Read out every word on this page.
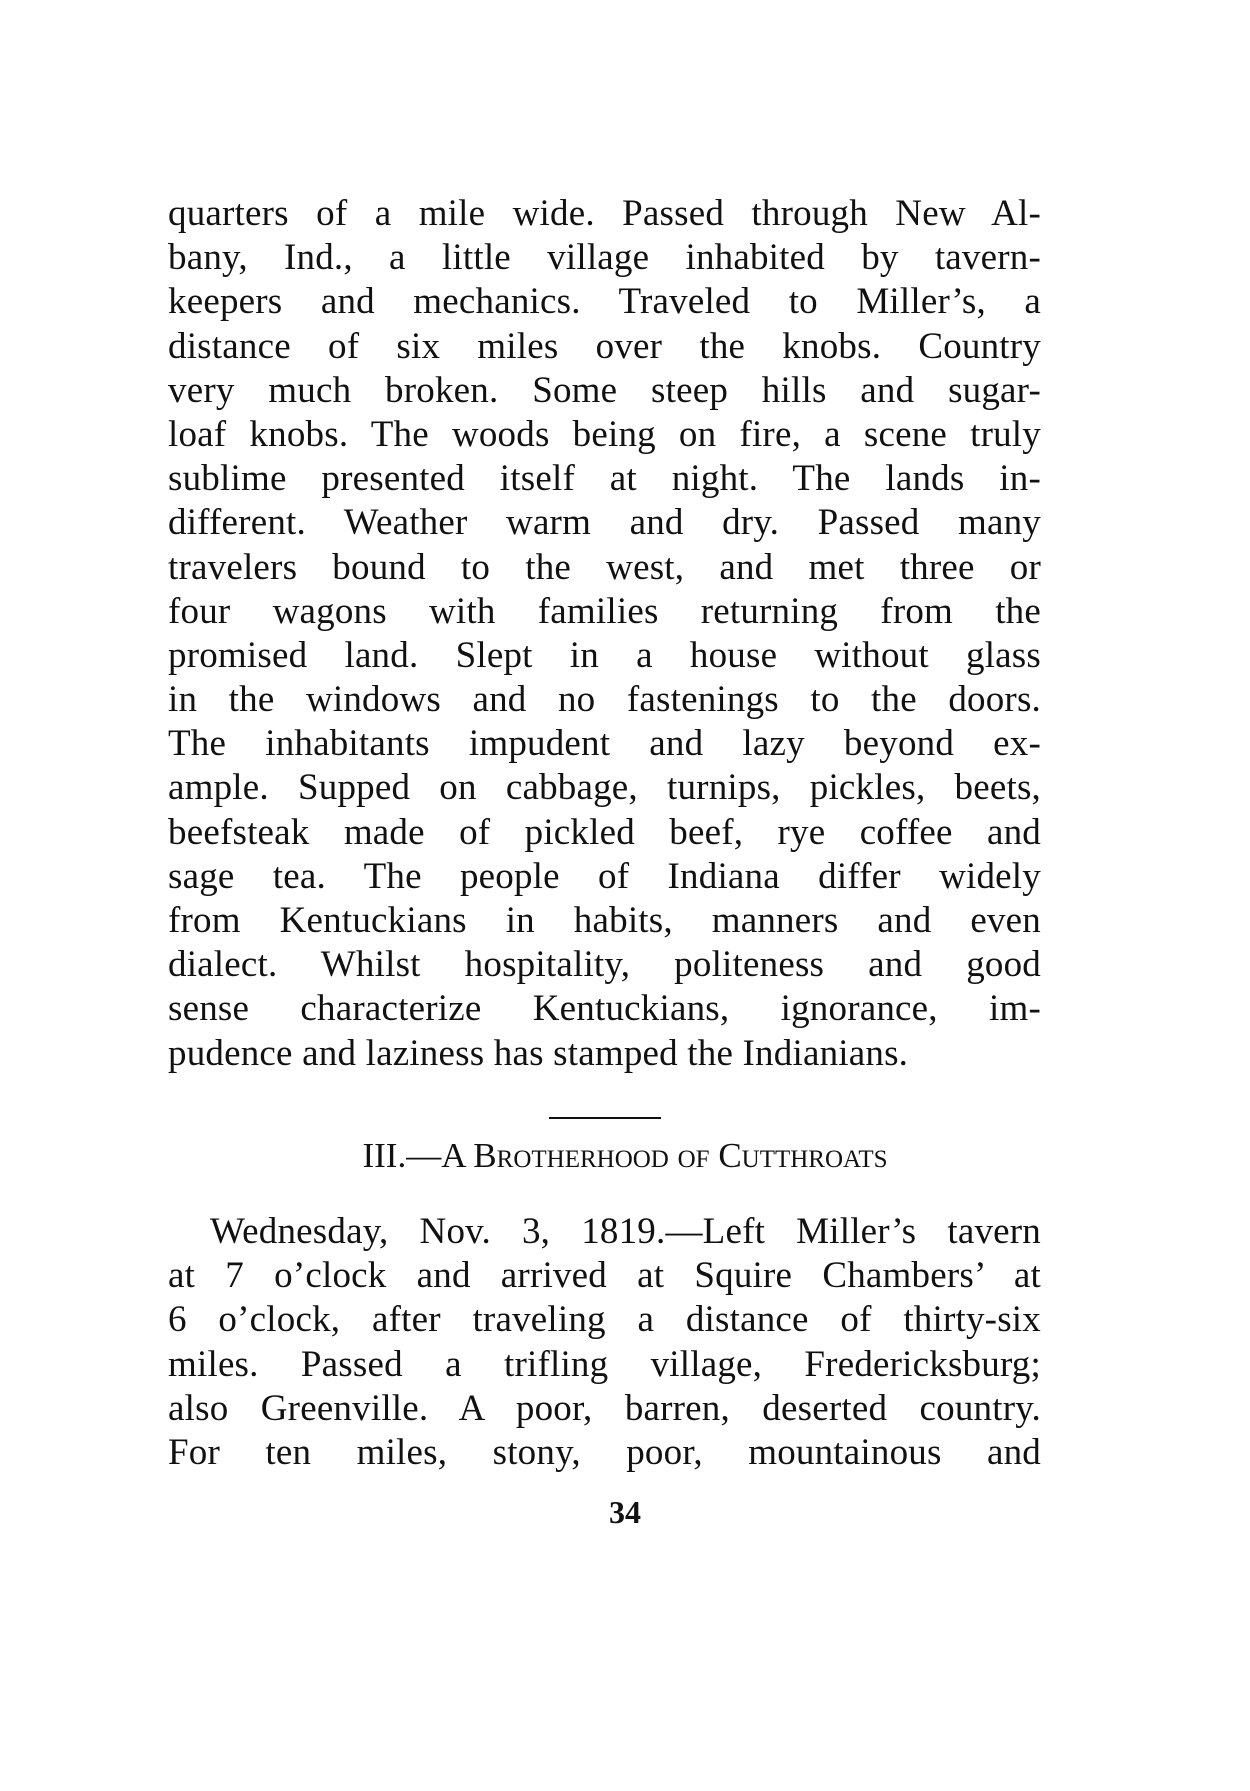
quarters of a mile wide. Passed through New Al-
bany, Ind., a little village inhabited by tavern-
keepers and mechanics. Traveled to Miller’s, a
distance of six miles over the knobs. Country
very much broken. Some steep hills and sugar-
loaf knobs. The woods being on fire, a scene truly
sublime presented itself at night. The lands in-
different. Weather warm and dry. Passed many
travelers bound to the west, and met three or
four wagons with families returning from the
promised land. Slept in a house without glass
in the windows and no fastenings to the doors.
The inhabitants impudent and lazy beyond ex-
ample. Supped on cabbage, turnips, pickles, beets,
beefsteak made of pickled beef, rye coffee and
sage tea. The people of Indiana differ widely
from Kentuckians in habits, manners and even
dialect. Whilst hospitality, politeness and good
sense characterize Kentuckians, ignorance, im-
pudence and laziness has stamped the Indianians.
III.—A Brotherhood of Cutthroats
Wednesday, Nov. 3, 1819.—Left Miller’s tavern
at 7 o’clock and arrived at Squire Chambers’ at
6 o’clock, after traveling a distance of thirty-six
miles. Passed a trifling village, Fredericksburg;
also Greenville. A poor, barren, deserted country.
For ten miles, stony, poor, mountainous and
34
